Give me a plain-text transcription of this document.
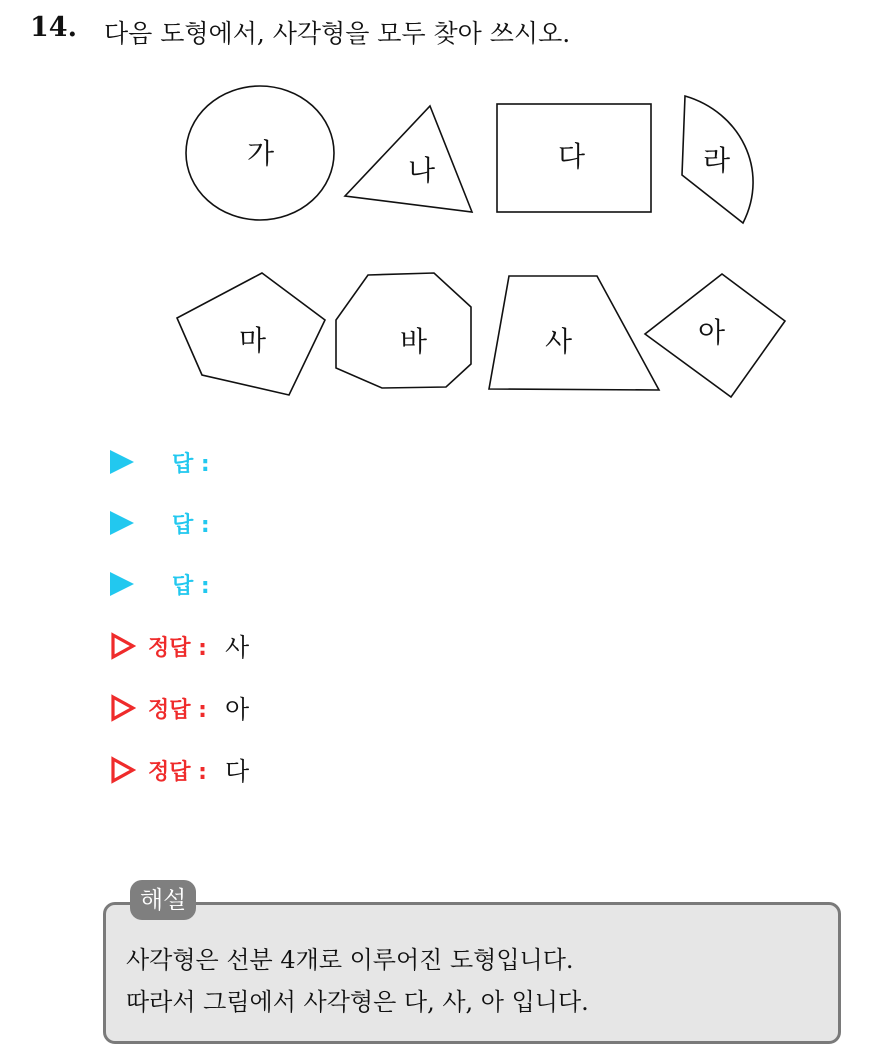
14. 다음 도형에서, 사각형을 모두 찾아 쓰시오.
가
나	다	라
마	바	사	아
답 :
답 :
답 :
정답 : 사
정답 : 아
정답 : 다
해설
사각형은 선분 4개로 이루어진 도형입니다.
따라서 그림에서 사각형은 다, 사, 아 입니다.
